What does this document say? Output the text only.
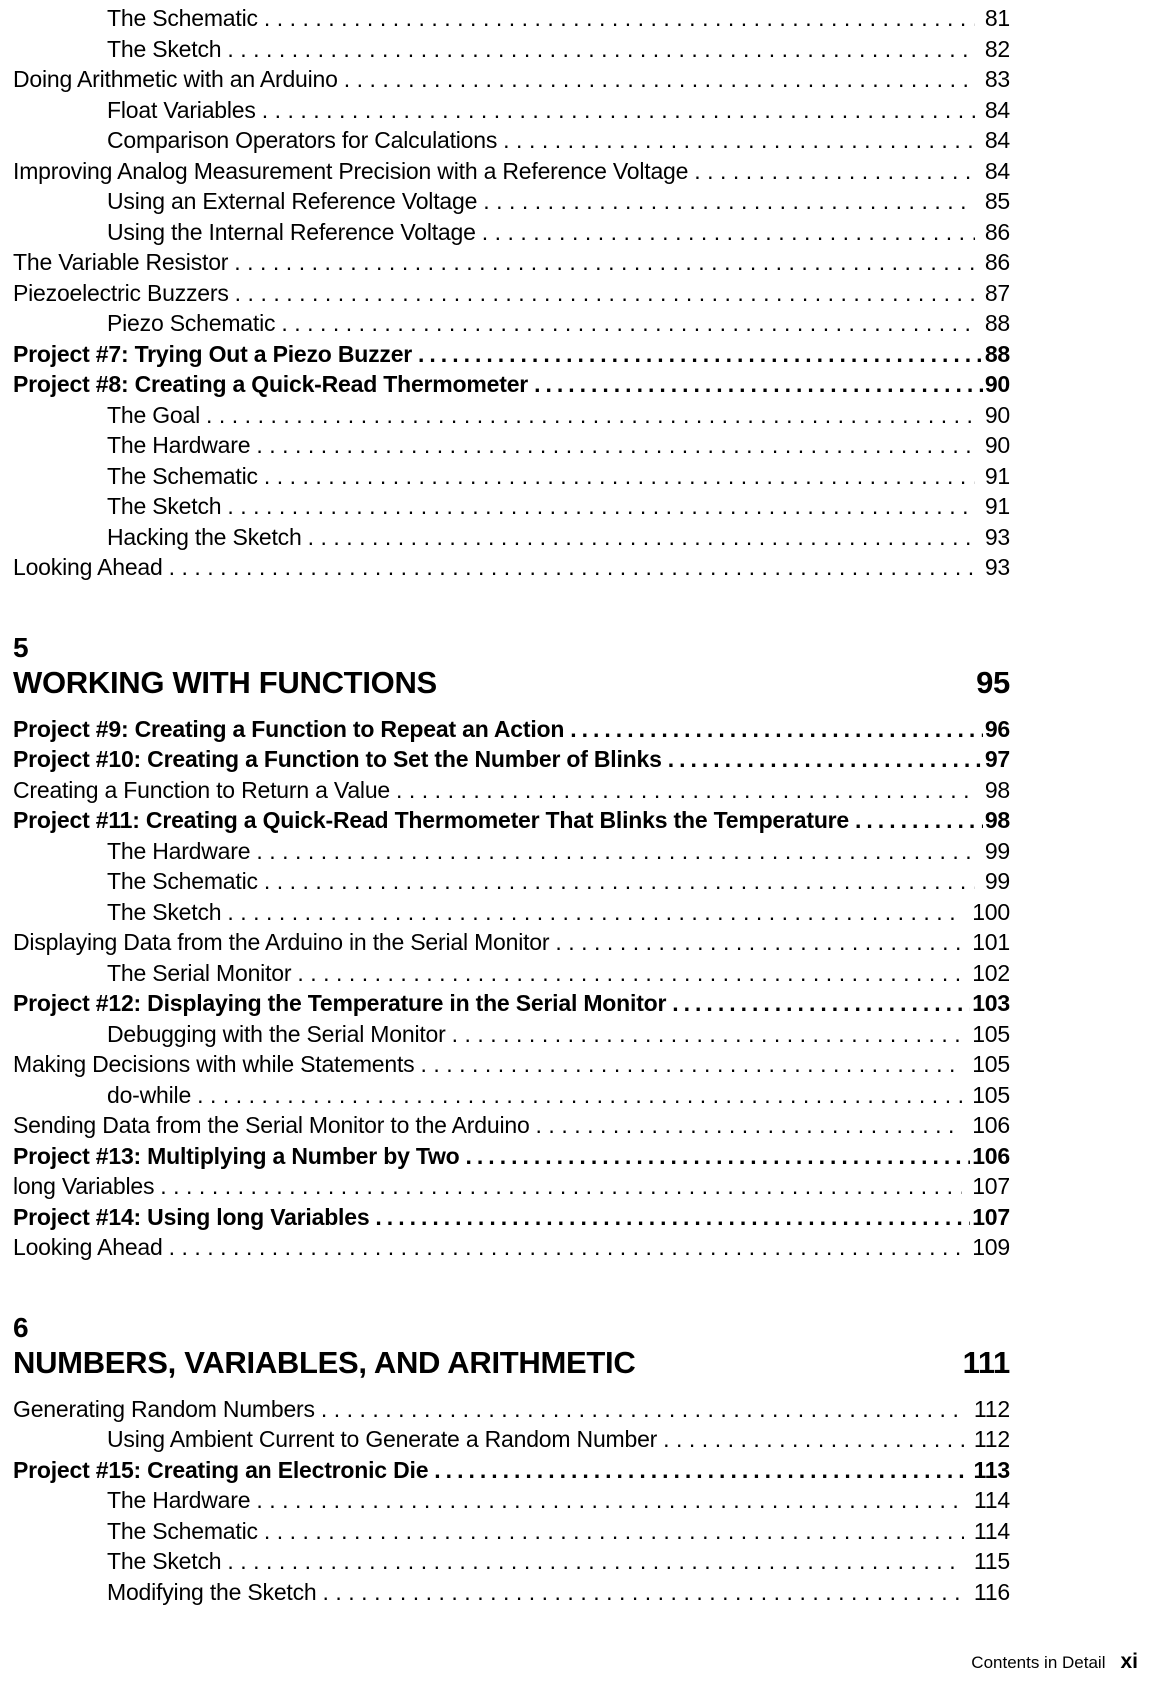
The Schematic .....	81
The Sketch .....	82
Doing Arithmetic with an Arduino .....	83
Float Variables .....	84
Comparison Operators for Calculations .....	84
Improving Analog Measurement Precision with a Reference Voltage .....	84
Using an External Reference Voltage .....	85
Using the Internal Reference Voltage .....	86
The Variable Resistor .....	86
Piezoelectric Buzzers .....	87
Piezo Schematic .....	88
Project #7: Trying Out a Piezo Buzzer .....	88
Project #8: Creating a Quick-Read Thermometer .....	90
The Goal .....	90
The Hardware .....	90
The Schematic .....	91
The Sketch .....	91
Hacking the Sketch .....	93
Looking Ahead .....	93
5
WORKING WITH FUNCTIONS	95
Project #9: Creating a Function to Repeat an Action .....	96
Project #10: Creating a Function to Set the Number of Blinks .....	97
Creating a Function to Return a Value .....	98
Project #11: Creating a Quick-Read Thermometer That Blinks the Temperature .....	98
The Hardware .....	99
The Schematic .....	99
The Sketch .....	100
Displaying Data from the Arduino in the Serial Monitor .....	101
The Serial Monitor .....	102
Project #12: Displaying the Temperature in the Serial Monitor .....	103
Debugging with the Serial Monitor .....	105
Making Decisions with while Statements .....	105
do-while .....	105
Sending Data from the Serial Monitor to the Arduino .....	106
Project #13: Multiplying a Number by Two .....	106
long Variables .....	107
Project #14: Using long Variables .....	107
Looking Ahead .....	109
6
NUMBERS, VARIABLES, AND ARITHMETIC	111
Generating Random Numbers .....	112
Using Ambient Current to Generate a Random Number .....	112
Project #15: Creating an Electronic Die .....	113
The Hardware .....	114
The Schematic .....	114
The Sketch .....	115
Modifying the Sketch .....	116
Contents in Detail xi
